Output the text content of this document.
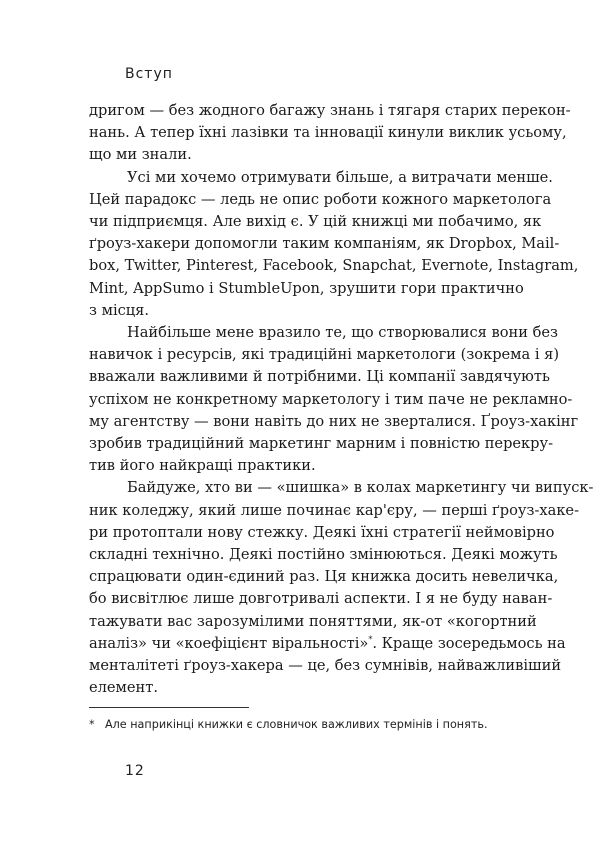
Вступ
дригом — без жодного багажу знань і тягаря старих перекон-
нань. А тепер їхні лазівки та інновації кинули виклик усьому,
що ми знали.
Усі ми хочемо отримувати більше, а витрачати менше.
Цей парадокс — ледь не опис роботи кожного маркетолога
чи підприємця. Але вихід є. У цій книжці ми побачимо, як
ґроуз-хакери допомогли таким компаніям, як Dropbox, Mail-
box, Twitter, Pinterest, Facebook, Snapchat, Evernote, Instagram,
Mint, AppSumo і StumbleUpon, зрушити гори практично
з місця.
Найбільше мене вразило те, що створювалися вони без
навичок і ресурсів, які традиційні маркетологи (зокрема і я)
вважали важливими й потрібними. Ці компанії завдячують
успіхом не конкретному маркетологу і тим паче не рекламно-
му агентству — вони навіть до них не зверталися. Ґроуз-хакінг
зробив традиційний маркетинг марним і повністю перекру-
тив його найкращі практики.
Байдуже, хто ви — «шишка» в колах маркетингу чи випуск-
ник коледжу, який лише починає кар'єру, — перші ґроуз-хаке-
ри протоптали нову стежку. Деякі їхні стратегії неймовірно
складні технічно. Деякі постійно змінюються. Деякі можуть
спрацювати один-єдиний раз. Ця книжка досить невеличка,
бо висвітлює лише довготривалі аспекти. І я не буду наван-
тажувати вас зарозумілими поняттями, як-от «когортний
аналіз» чи «коефіцієнт віральності»*. Краще зосередьмось на
менталітеті ґроуз-хакера — це, без сумнівів, найважливіший
елемент.
* Але наприкінці книжки є словничок важливих термінів і понять.
12
